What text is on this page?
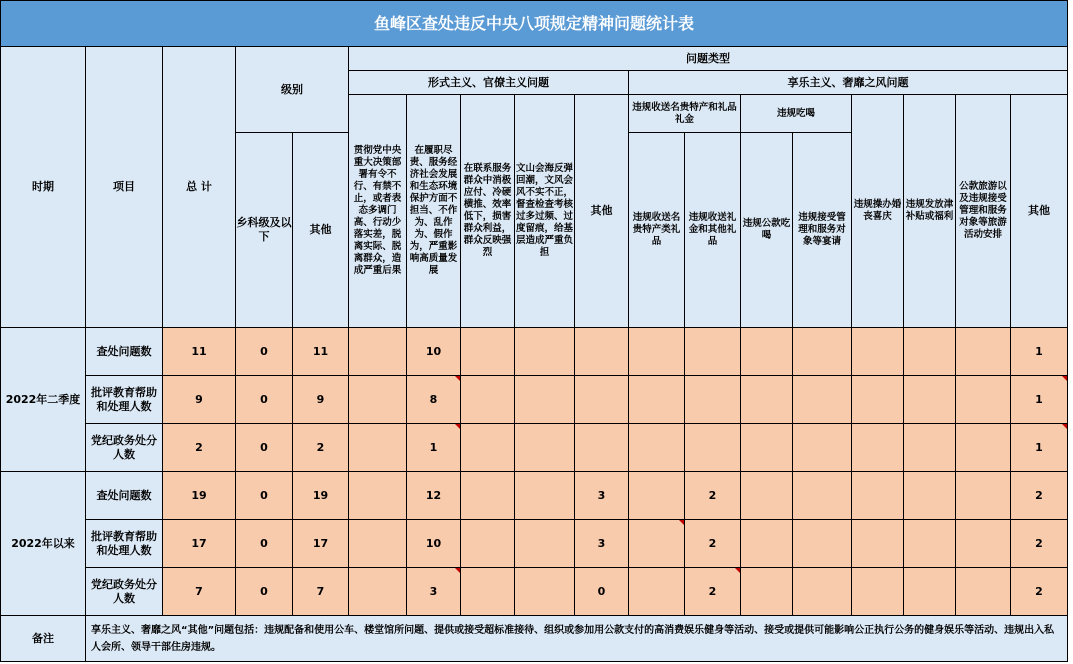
鱼峰区查处违反中央八项规定精神问题统计表																	
时期	项目	总 计	级别		问题类型												
					形式主义、官僚主义问题					享乐主义、奢靡之风问题							
					贯彻党中央重大决策部署有令不行、有禁不止，或者表态多调门高、行动少落实差，脱离实际、脱离群众，造成严重后果	在履职尽责、服务经济社会发展和生态环境保护方面不担当、不作为、乱作为、假作为，严重影响高质量发展	在联系服务群众中消极应付、冷硬横推、效率低下，损害群众利益，群众反映强烈	文山会海反弹回潮，文风会风不实不正，督查检查考核过多过频、过度留痕，给基层造成严重负担	其他	违规收送名贵特产和礼品礼金		违规吃喝		违规操办婚丧喜庆	违规发放津补贴或福利	公款旅游以及违规接受管理和服务对象等旅游活动安排	其他
			乡科级及以下	其他						违规收送名贵特产类礼品	违规收送礼金和其他礼品	违规公款吃喝	违规接受管理和服务对象等宴请				

2022年二季度	查处问题数	11	0	11		10											1
	批评教育帮助和处理人数	9	0	9		8											1
	党纪政务处分人数	2	0	2		1											1
2022年以来	查处问题数	19	0	19		12			3		2						2
	批评教育帮助和处理人数	17	0	17		10			3		2						2
	党纪政务处分人数	7	0	7		3			0		2						2
备注	享乐主义、奢靡之风“其他”问题包括：违规配备和使用公车、楼堂馆所问题、提供或接受超标准接待、组织或参加用公款支付的高消费娱乐健身等活动、接受或提供可能影响公正执行公务的健身娱乐等活动、违规出入私人会所、领导干部住房违规。																
